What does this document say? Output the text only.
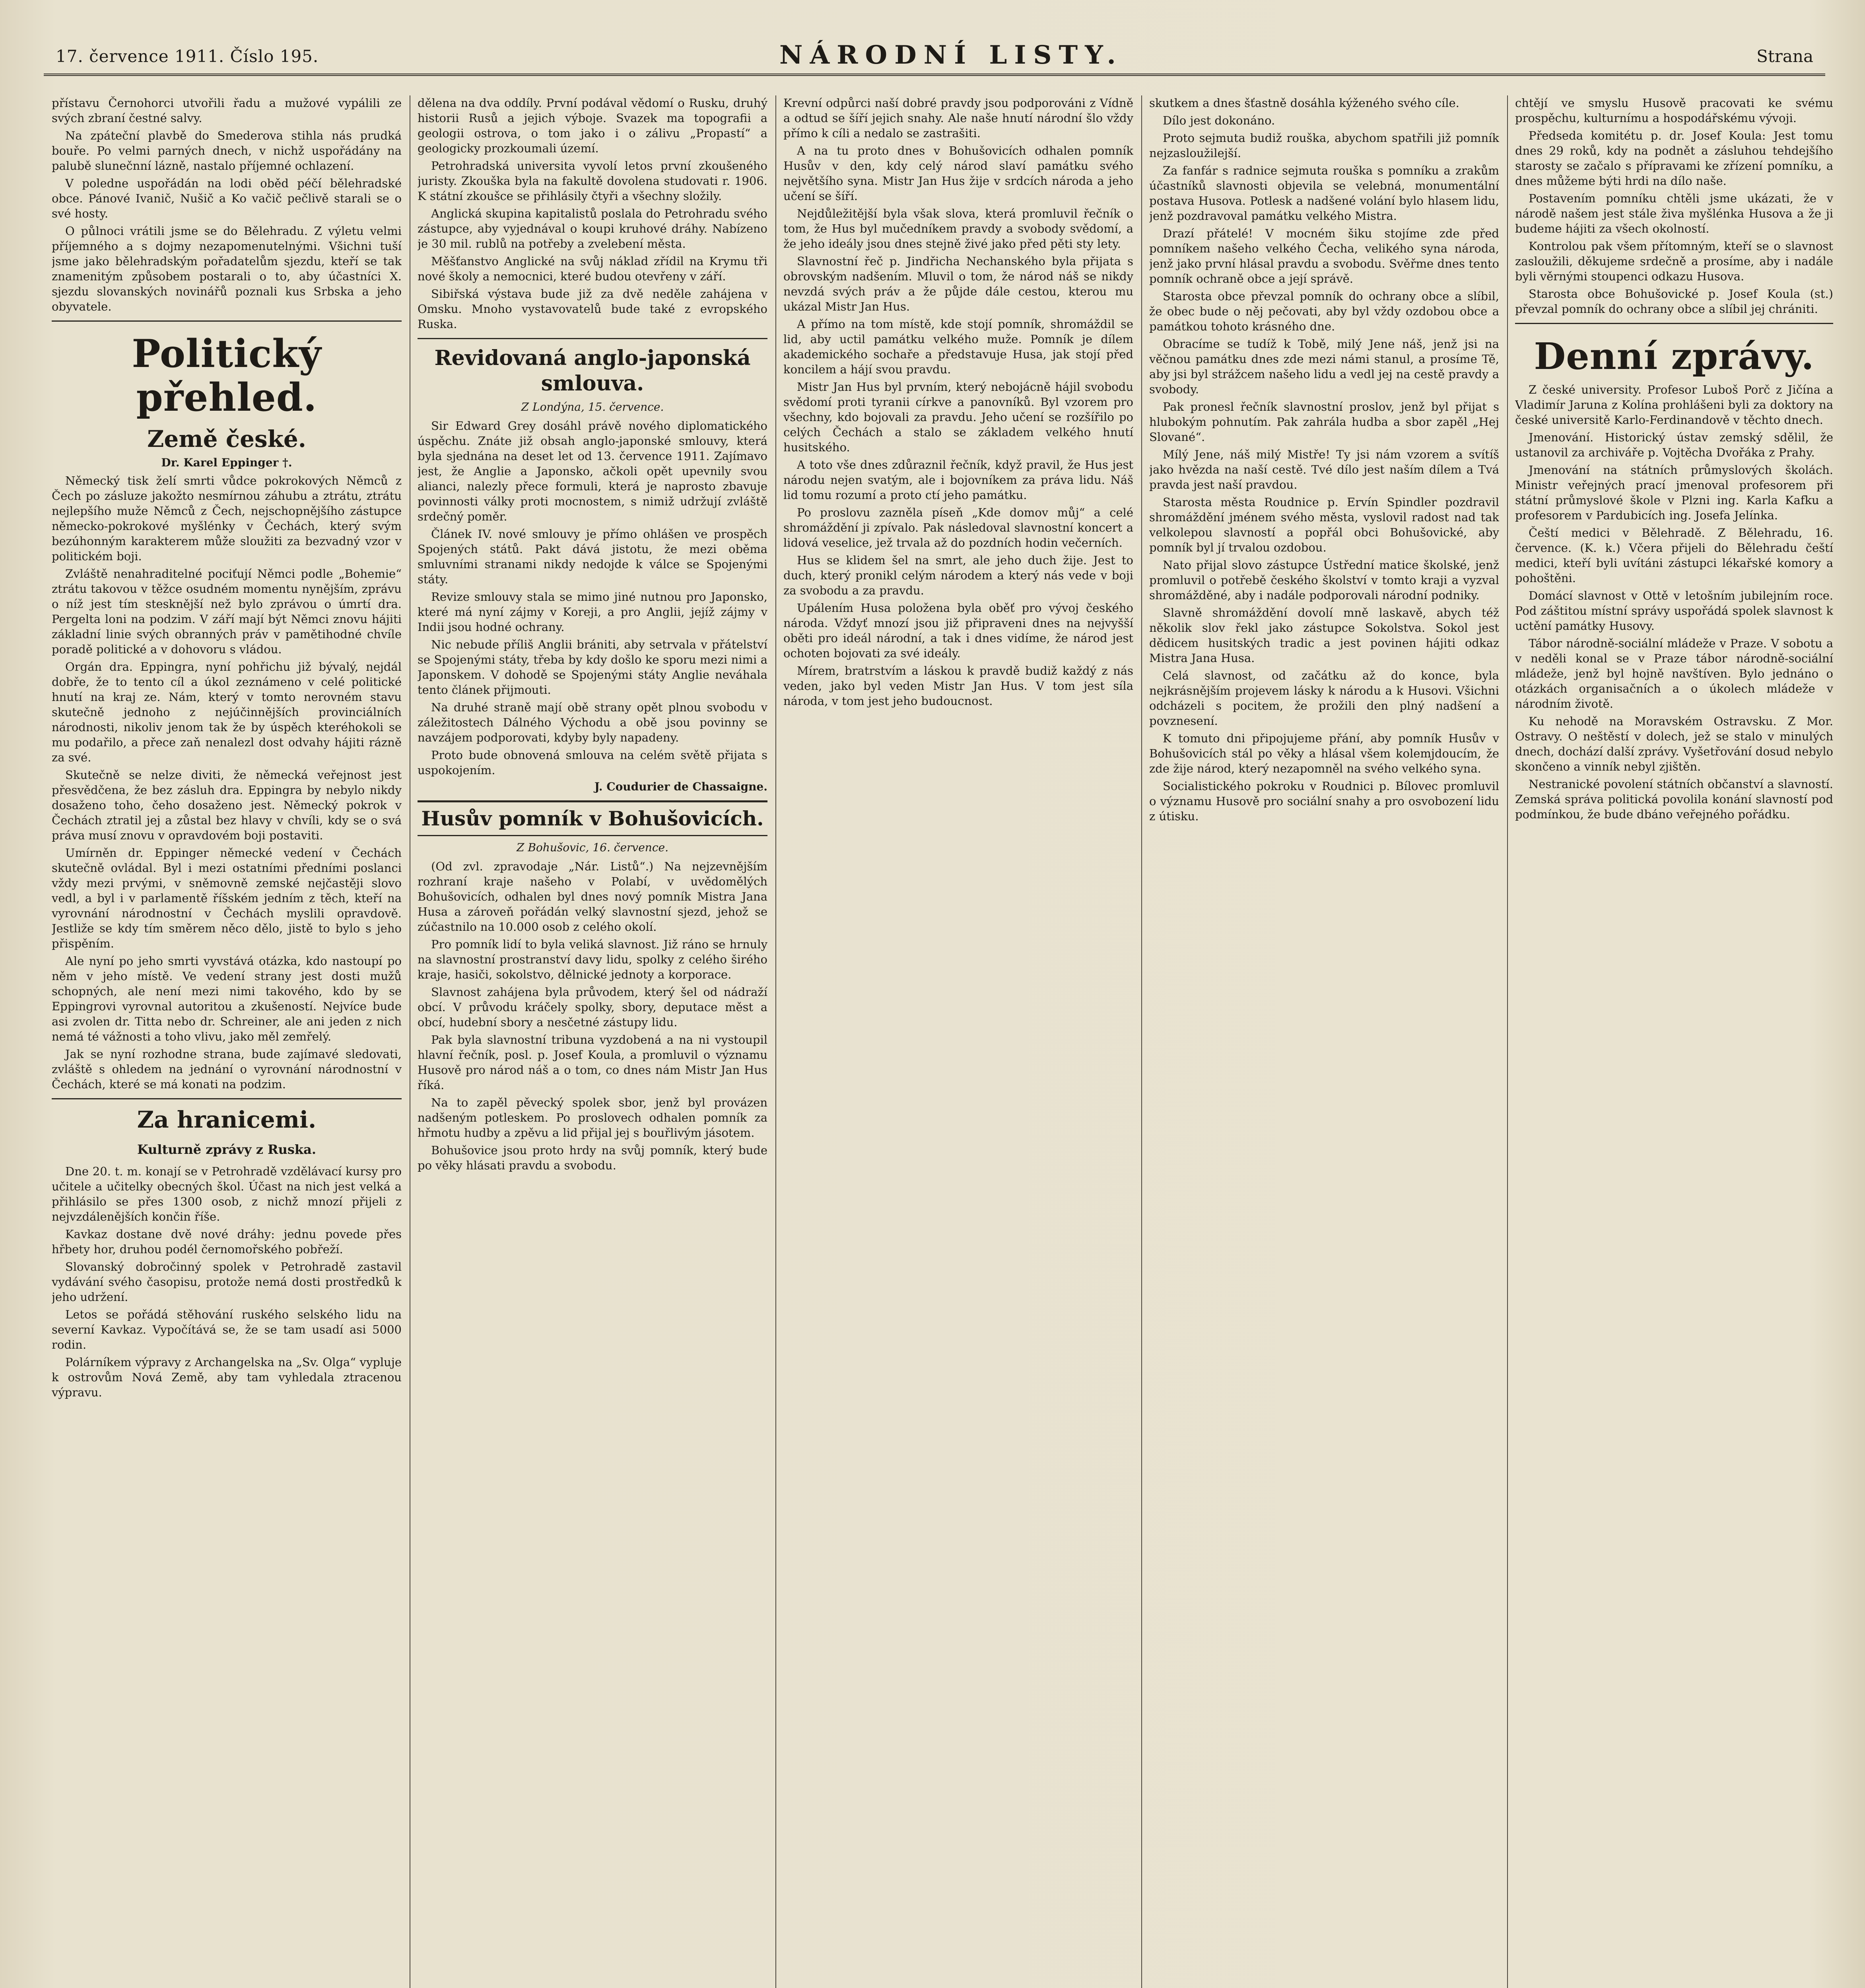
17. července 1911. Číslo 195.	NÁRODNÍ LISTY.	Strana

přístavu Černohorci utvořili řadu a mužové vypálili ze svých zbraní čestné salvy.

Na zpáteční plavbě do Smederova stihla nás prudká bouře. Po velmi parných dnech, v nichž uspořádány na palubě slunečnní lázně, nastalo příjemné ochlazení.

V poledne uspořádán na lodi oběd péčí bělehradské obce. Pánové Ivanič, Nušič a Ko vačič pečlivě starali se o své hosty.

O půlnoci vrátili jsme se do Bělehradu. Z výletu velmi příjemného a s dojmy nezapomenutelnými. Všichni tuší jsme jako bělehradským pořadatelům sjezdu, kteří se tak znamenitým způsobem postarali o to, aby účastníci X. sjezdu slovanských novinářů poznali kus Srbska a jeho obyvatele.

Politický přehled.
Země české.
Dr. Karel Eppinger †.

Německý tisk želí smrti vůdce pokrokových Němců z Čech po zásluze jakožto nesmírnou záhubu a ztrátu, ztrátu nejlepšího muže Němců z Čech, nejschopnějšího zástupce německo-pokrokové myšlénky v Čechách, který svým bezúhonným karakterem může sloužiti za bezvadný vzor v politickém boji.

Zvláště nenahraditelné pociťují Němci podle „Bohemie“ ztrátu takovou v těžce osudném momentu nynějším, zprávu o níž jest tím stesknější než bylo zprávou o úmrtí dra. Pergelta loni na podzim. V září mají být Němci znovu hájiti základní linie svých obranných práv v pamětihodné chvíle poradě politické a v dohovoru s vládou.

Orgán dra. Eppingra, nyní pohřichu již bývalý, nejdál dobře, že to tento cíl a úkol zeznámeno v celé politické hnutí na kraj ze. Nám, který v tomto nerovném stavu skutečně jednoho z nejúčinnějších provinciálních národnosti, nikoliv jenom tak že by úspěch kteréhokoli se mu podařilo, a přece zaň nenalezl dost odvahy hájiti rázně za své.

Skutečně se nelze diviti, že německá veřejnost jest přesvědčena, že bez zásluh dra. Eppingra by nebylo nikdy dosaženo toho, čeho dosaženo jest. Německý pokrok v Čechách ztratil jej a zůstal bez hlavy v chvíli, kdy se o svá práva musí znovu v opravdovém boji postaviti.

Umírněn dr. Eppinger německé vedení v Čechách skutečně ovládal. Byl i mezi ostatními předními poslanci vždy mezi prvými, v sněmovně zemské nejčastěji slovo vedl, a byl i v parlamentě říšském jedním z těch, kteří na vyrovnání národnostní v Čechách myslili opravdově. Jestliže se kdy tím směrem něco dělo, jistě to bylo s jeho přispěním.

Ale nyní po jeho smrti vyvstává otázka, kdo nastoupí po něm v jeho místě. Ve vedení strany jest dosti mužů schopných, ale není mezi nimi takového, kdo by se Eppingrovi vyrovnal autoritou a zkušeností. Nejvíce bude asi zvolen dr. Titta nebo dr. Schreiner, ale ani jeden z nich nemá té vážnosti a toho vlivu, jako měl zemřelý.

Jak se nyní rozhodne strana, bude zajímavé sledovati, zvláště s ohledem na jednání o vyrovnání národnostní v Čechách, které se má konati na podzim.

Za hranicemi.
Kulturně zprávy z Ruska.

Dne 20. t. m. konají se v Petrohradě vzdělávací kursy pro učitele a učitelky obecných škol. Účast na nich jest velká a přihlásilo se přes 1300 osob, z nichž mnozí přijeli z nejvzdálenějších končin říše.

Kavkaz dostane dvě nové dráhy: jednu povede přes hřbety hor, druhou podél černomořského pobřeží.

Slovanský dobročinný spolek v Petrohradě zastavil vydávání svého časopisu, protože nemá dosti prostředků k jeho udržení.

Letos se pořádá stěhování ruského selského lidu na severní Kavkaz. Vypočítává se, že se tam usadí asi 5000 rodin.

Polárníkem výpravy z Archangelska na „Sv. Olga“ vypluje k ostrovům Nová Země, aby tam vyhledala ztracenou výpravu.

dělena na dva oddíly. První podával vědomí o Rusku, druhý historii Rusů a jejich výboje. Svazek ma topografii a geologii ostrova, o tom jako i o zálivu „Propastí“ a geologicky prozkoumali území.

Petrohradská universita vyvolí letos první zkoušeného juristy. Zkouška byla na fakultě dovolena studovati r. 1906. K státní zkoušce se přihlásily čtyři a všechny složily.

Anglická skupina kapitalistů poslala do Petrohradu svého zástupce, aby vyjednával o koupi kruhové dráhy. Nabízeno je 30 mil. rublů na potřeby a zvelebení města.

Měšťanstvo Anglické na svůj náklad zřídil na Krymu tři nové školy a nemocnici, které budou otevřeny v září.

Sibiřská výstava bude již za dvě neděle zahájena v Omsku. Mnoho vystavovatelů bude také z evropského Ruska.

Revidovaná anglo-japonská smlouva.
Z Londýna, 15. července.

Sir Edward Grey dosáhl právě nového diplomatického úspěchu. Znáte již obsah anglo-japonské smlouvy, která byla sjednána na deset let od 13. července 1911. Zajímavo jest, že Anglie a Japonsko, ačkoli opět upevnily svou alianci, nalezly přece formuli, která je naprosto zbavuje povinnosti války proti mocnostem, s nimiž udržují zvláště srdečný poměr.

Článek IV. nové smlouvy je přímo ohlášen ve prospěch Spojených států. Pakt dává jistotu, že mezi oběma smluvními stranami nikdy nedojde k válce se Spojenými státy.

Revize smlouvy stala se mimo jiné nutnou pro Japonsko, které má nyní zájmy v Koreji, a pro Anglii, jejíž zájmy v Indii jsou hodné ochrany.

Nic nebude příliš Anglii brániti, aby setrvala v přátelství se Spojenými státy, třeba by kdy došlo ke sporu mezi nimi a Japonskem. V dohodě se Spojenými státy Anglie neváhala tento článek přijmouti.

Na druhé straně mají obě strany opět plnou svobodu v záležitostech Dálného Východu a obě jsou povinny se navzájem podporovati, kdyby byly napadeny.

Proto bude obnovená smlouva na celém světě přijata s uspokojením.

J. Coudurier de Chassaigne.
Husův pomník v Bohušovicích.
Z Bohušovic, 16. července.

(Od zvl. zpravodaje „Nár. Listů“.) Na nejzevnějším rozhraní kraje našeho v Polabí, v uvědomělých Bohušovicích, odhalen byl dnes nový pomník Mistra Jana Husa a zároveň pořádán velký slavnostní sjezd, jehož se zúčastnilo na 10.000 osob z celého okolí.

Pro pomník lidí to byla veliká slavnost. Již ráno se hrnuly na slavnostní prostranství davy lidu, spolky z celého širého kraje, hasiči, sokolstvo, dělnické jednoty a korporace.

Slavnost zahájena byla průvodem, který šel od nádraží obcí. V průvodu kráčely spolky, sbory, deputace měst a obcí, hudební sbory a nesčetné zástupy lidu.

Pak byla slavnostní tribuna vyzdobená a na ni vystoupil hlavní řečník, posl. p. Josef Koula, a promluvil o významu Husově pro národ náš a o tom, co dnes nám Mistr Jan Hus říká.

Na to zapěl pěvecký spolek sbor, jenž byl provázen nadšeným potleskem. Po proslovech odhalen pomník za hřmotu hudby a zpěvu a lid přijal jej s bouřlivým jásotem.

Bohušovice jsou proto hrdy na svůj pomník, který bude po věky hlásati pravdu a svobodu.

Krevní odpůrci naší dobré pravdy jsou podporováni z Vídně a odtud se šíří jejich snahy. Ale naše hnutí národní šlo vždy přímo k cíli a nedalo se zastrašiti.

A na tu proto dnes v Bohušovicích odhalen pomník Husův v den, kdy celý národ slaví památku svého největšího syna. Mistr Jan Hus žije v srdcích národa a jeho učení se šíří.

Nejdůležitější byla však slova, která promluvil řečník o tom, že Hus byl mučedníkem pravdy a svobody svědomí, a že jeho ideály jsou dnes stejně živé jako před pěti sty lety.

Slavnostní řeč p. Jindřicha Nechanského byla přijata s obrovským nadšením. Mluvil o tom, že národ náš se nikdy nevzdá svých práv a že půjde dále cestou, kterou mu ukázal Mistr Jan Hus.

A přímo na tom místě, kde stojí pomník, shromáždil se lid, aby uctil památku velkého muže. Pomník je dílem akademického sochaře a představuje Husa, jak stojí před koncilem a hájí svou pravdu.

Mistr Jan Hus byl prvním, který nebojácně hájil svobodu svědomí proti tyranii církve a panovníků. Byl vzorem pro všechny, kdo bojovali za pravdu. Jeho učení se rozšířilo po celých Čechách a stalo se základem velkého hnutí husitského.

A toto vše dnes zdůraznil řečník, když pravil, že Hus jest národu nejen svatým, ale i bojovníkem za práva lidu. Náš lid tomu rozumí a proto ctí jeho památku.

Po proslovu zazněla píseň „Kde domov můj“ a celé shromáždění ji zpívalo. Pak následoval slavnostní koncert a lidová veselice, jež trvala až do pozdních hodin večerních.

Hus se klidem šel na smrt, ale jeho duch žije. Jest to duch, který pronikl celým národem a který nás vede v boji za svobodu a za pravdu.

Upálením Husa položena byla oběť pro vývoj českého národa. Vždyť mnozí jsou již připraveni dnes na nejvyšší oběti pro ideál národní, a tak i dnes vidíme, že národ jest ochoten bojovati za své ideály.

Mírem, bratrstvím a láskou k pravdě budiž každý z nás veden, jako byl veden Mistr Jan Hus. V tom jest síla národa, v tom jest jeho budoucnost.

skutkem a dnes šťastně dosáhla kýženého svého cíle.

Dílo jest dokonáno.

Proto sejmuta budiž rouška, abychom spatřili již pomník nejzasloužilejší.

Za fanfár s radnice sejmuta rouška s pomníku a zrakům účastníků slavnosti objevila se velebná, monumentální postava Husova. Potlesk a nadšené volání bylo hlasem lidu, jenž pozdravoval památku velkého Mistra.

Drazí přátelé! V mocném šiku stojíme zde před pomníkem našeho velkého Čecha, velikého syna národa, jenž jako první hlásal pravdu a svobodu. Svěřme dnes tento pomník ochraně obce a její správě.

Starosta obce převzal pomník do ochrany obce a slíbil, že obec bude o něj pečovati, aby byl vždy ozdobou obce a památkou tohoto krásného dne.

Obracíme se tudíž k Tobě, milý Jene náš, jenž jsi na věčnou památku dnes zde mezi námi stanul, a prosíme Tě, aby jsi byl strážcem našeho lidu a vedl jej na cestě pravdy a svobody.

Pak pronesl řečník slavnostní proslov, jenž byl přijat s hlubokým pohnutím. Pak zahrála hudba a sbor zapěl „Hej Slované“.

Mílý Jene, náš milý Mistře! Ty jsi nám vzorem a svítíš jako hvězda na naší cestě. Tvé dílo jest naším dílem a Tvá pravda jest naší pravdou.

Starosta města Roudnice p. Ervín Spindler pozdravil shromáždění jménem svého města, vyslovil radost nad tak velkolepou slavností a popřál obci Bohušovické, aby pomník byl jí trvalou ozdobou.

Nato přijal slovo zástupce Ústřední matice školské, jenž promluvil o potřebě českého školství v tomto kraji a vyzval shromážděné, aby i nadále podporovali národní podniky.

Slavně shromáždění dovolí mně laskavě, abych též několik slov řekl jako zástupce Sokolstva. Sokol jest dědicem husitských tradic a jest povinen hájiti odkaz Mistra Jana Husa.

Celá slavnost, od začátku až do konce, byla nejkrásnějším projevem lásky k národu a k Husovi. Všichni odcházeli s pocitem, že prožili den plný nadšení a povznesení.

K tomuto dni připojujeme přání, aby pomník Husův v Bohušovicích stál po věky a hlásal všem kolemjdoucím, že zde žije národ, který nezapomněl na svého velkého syna.

Socialistického pokroku v Roudnici p. Bílovec promluvil o významu Husově pro sociální snahy a pro osvobození lidu z útisku.

chtějí ve smyslu Husově pracovati ke svému prospěchu, kulturnímu a hospodářskému vývoji.

Předseda komitétu p. dr. Josef Koula: Jest tomu dnes 29 roků, kdy na podnět a zásluhou tehdejšího starosty se začalo s přípravami ke zřízení pomníku, a dnes můžeme býti hrdi na dílo naše.

Postavením pomníku chtěli jsme ukázati, že v národě našem jest stále živa myšlénka Husova a že ji budeme hájiti za všech okolností.

Kontrolou pak všem přítomným, kteří se o slavnost zasloužili, děkujeme srdečně a prosíme, aby i nadále byli věrnými stoupenci odkazu Husova.

Starosta obce Bohušovické p. Josef Koula (st.) převzal pomník do ochrany obce a slíbil jej chrániti.

Denní zprávy.

Z české university. Profesor Luboš Porč z Jičína a Vladimír Jaruna z Kolína prohlášeni byli za doktory na české universitě Karlo-Ferdinandově v těchto dnech.

Jmenování. Historický ústav zemský sdělil, že ustanovil za archiváře p. Vojtěcha Dvořáka z Prahy.

Jmenování na státních průmyslových školách. Ministr veřejných prací jmenoval profesorem při státní průmyslové škole v Plzni ing. Karla Kafku a profesorem v Pardubicích ing. Josefa Jelínka.

Čeští medici v Bělehradě. Z Bělehradu, 16. července. (K. k.) Včera přijeli do Bělehradu čeští medici, kteří byli uvítáni zástupci lékařské komory a pohoštěni.

Domácí slavnost v Ottě v letošním jubilejním roce. Pod záštitou místní správy uspořádá spolek slavnost k uctění památky Husovy.

Tábor národně-sociální mládeže v Praze. V sobotu a v neděli konal se v Praze tábor národně-sociální mládeže, jenž byl hojně navštíven. Bylo jednáno o otázkách organisačních a o úkolech mládeže v národním životě.

Ku nehodě na Moravském Ostravsku. Z Mor. Ostravy. O neštěstí v dolech, jež se stalo v minulých dnech, dochází další zprávy. Vyšetřování dosud nebylo skončeno a vinník nebyl zjištěn.

Nestranické povolení státních občanství a slavností. Zemská správa politická povolila konání slavností pod podmínkou, že bude dbáno veřejného pořádku.
